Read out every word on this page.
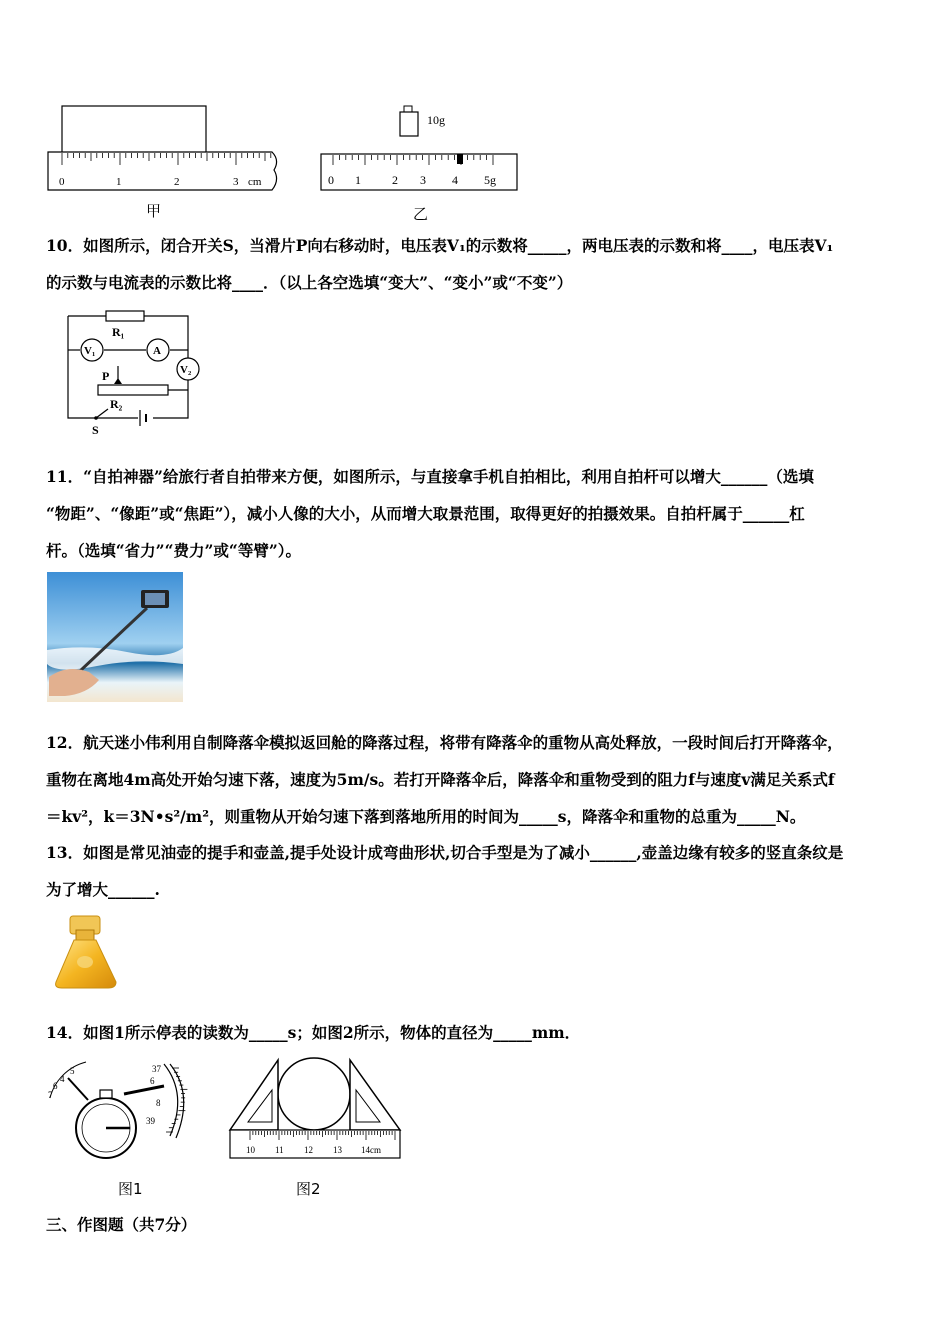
0	1	2	3 cm
甲
10g
0 1	2 3 4 5g
乙
10．如图所示，闭合开关S，当滑片P向右移动时，电压表V₁的示数将_____，两电压表的示数和将____，电压表V₁
的示数与电流表的示数比将____．（以上各空选填“变大”、“变小”或“不变”）
R₁
V₁	A
V₂
P
R₂
S
11．“自拍神器”给旅行者自拍带来方便，如图所示，与直接拿手机自拍相比，利用自拍杆可以增大______（选填
“物距”、“像距”或“焦距”），减小人像的大小，从而增大取景范围，取得更好的拍摄效果。自拍杆属于______杠
杆。（选填“省力”“费力”或“等臂”）。
12．航天迷小伟利用自制降落伞模拟返回舱的降落过程，将带有降落伞的重物从高处释放，一段时间后打开降落伞，
重物在离地4m高处开始匀速下落，速度为5m/s。若打开降落伞后，降落伞和重物受到的阻力f与速度v满足关系式f
＝kv²，k＝3N•s²/m²，则重物从开始匀速下落到落地所用的时间为_____s，降落伞和重物的总重为_____N。
13．如图是常见油壶的提手和壶盖,提手处设计成弯曲形状,切合手型是为了减小______,壶盖边缘有较多的竖直条纹是
为了增大______.
14．如图1所示停表的读数为_____s；如图2所示，物体的直径为_____mm．
5
4
6
7
37
6
8
39
图1
10 11 12 13 14cm
图2
三、作图题（共7分）
